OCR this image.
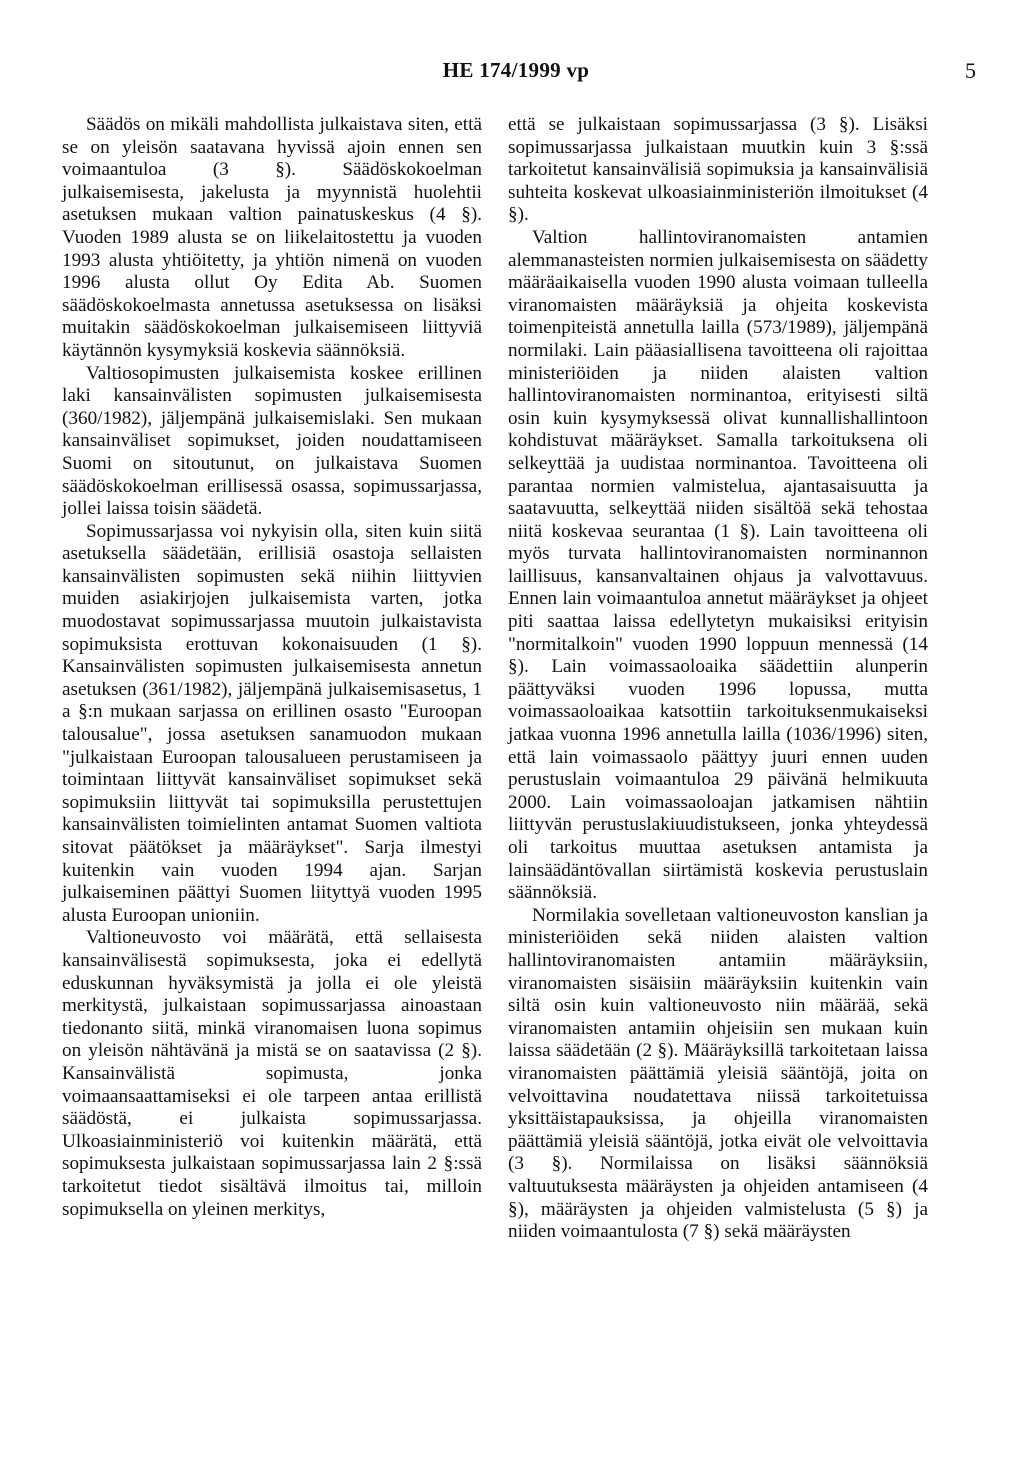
HE 174/1999 vp	5

Säädös on mikäli mahdollista julkaistava siten, että se on yleisön saatavana hyvissä ajoin ennen sen voimaantuloa (3 §). Säädöskokoelman julkaisemisesta, jakelusta ja myynnistä huolehtii asetuksen mukaan valtion painatuskeskus (4 §). Vuoden 1989 alusta se on liikelaitostettu ja vuoden 1993 alusta yhtiöitetty, ja yhtiön nimenä on vuoden 1996 alusta ollut Oy Edita Ab. Suomen säädöskokoelmasta annetussa asetuksessa on lisäksi muitakin säädöskokoelman julkaisemiseen liittyviä käytännön kysymyksiä koskevia säännöksiä.

Valtiosopimusten julkaisemista koskee erillinen laki kansainvälisten sopimusten julkaisemisesta (360/1982), jäljempänä julkaisemislaki. Sen mukaan kansainväliset sopimukset, joiden noudattamiseen Suomi on sitoutunut, on julkaistava Suomen säädöskokoelman erillisessä osassa, sopimussarjassa, jollei laissa toisin säädetä.

Sopimussarjassa voi nykyisin olla, siten kuin siitä asetuksella säädetään, erillisiä osastoja sellaisten kansainvälisten sopimusten sekä niihin liittyvien muiden asiakirjojen julkaisemista varten, jotka muodostavat sopimussarjassa muutoin julkaistavista sopimuksista erottuvan kokonaisuuden (1 §). Kansainvälisten sopimusten julkaisemisesta annetun asetuksen (361/1982), jäljempänä julkaisemisasetus, 1 a §:n mukaan sarjassa on erillinen osasto "Euroopan talousalue", jossa asetuksen sanamuodon mukaan "julkaistaan Euroopan talousalueen perustamiseen ja toimintaan liittyvät kansainväliset sopimukset sekä sopimuksiin liittyvät tai sopimuksilla perustettujen kansainvälisten toimielinten antamat Suomen valtiota sitovat päätökset ja määräykset". Sarja ilmestyi kuitenkin vain vuoden 1994 ajan. Sarjan julkaiseminen päättyi Suomen liityttyä vuoden 1995 alusta Euroopan unioniin.

Valtioneuvosto voi määrätä, että sellaisesta kansainvälisestä sopimuksesta, joka ei edellytä eduskunnan hyväksymistä ja jolla ei ole yleistä merkitystä, julkaistaan sopimussarjassa ainoastaan tiedonanto siitä, minkä viranomaisen luona sopimus on yleisön nähtävänä ja mistä se on saatavissa (2 §). Kansainvälistä sopimusta, jonka voimaansaattamiseksi ei ole tarpeen antaa erillistä säädöstä, ei julkaista sopimussarjassa. Ulkoasiainministeriö voi kuitenkin määrätä, että sopimuksesta julkaistaan sopimussarjassa lain 2 §:ssä tarkoitetut tiedot sisältävä ilmoitus tai, milloin sopimuksella on yleinen merkitys,

että se julkaistaan sopimussarjassa (3 §). Lisäksi sopimussarjassa julkaistaan muutkin kuin 3 §:ssä tarkoitetut kansainvälisiä sopimuksia ja kansainvälisiä suhteita koskevat ulkoasiainministeriön ilmoitukset (4 §).

Valtion hallintoviranomaisten antamien alemmanasteisten normien julkaisemisesta on säädetty määräaikaisella vuoden 1990 alusta voimaan tulleella viranomaisten määräyksiä ja ohjeita koskevista toimenpiteistä annetulla lailla (573/1989), jäljempänä normilaki. Lain pääasiallisena tavoitteena oli rajoittaa ministeriöiden ja niiden alaisten valtion hallintoviranomaisten norminantoa, erityisesti siltä osin kuin kysymyksessä olivat kunnallishallintoon kohdistuvat määräykset. Samalla tarkoituksena oli selkeyttää ja uudistaa norminantoa. Tavoitteena oli parantaa normien valmistelua, ajantasaisuutta ja saatavuutta, selkeyttää niiden sisältöä sekä tehostaa niitä koskevaa seurantaa (1 §). Lain tavoitteena oli myös turvata hallintoviranomaisten norminannon laillisuus, kansanvaltainen ohjaus ja valvottavuus. Ennen lain voimaantuloa annetut määräykset ja ohjeet piti saattaa laissa edellytetyn mukaisiksi erityisin "normitalkoin" vuoden 1990 loppuun mennessä (14 §). Lain voimassaoloaika säädettiin alunperin päättyväksi vuoden 1996 lopussa, mutta voimassaoloaikaa katsottiin tarkoituksenmukaiseksi jatkaa vuonna 1996 annetulla lailla (1036/1996) siten, että lain voimassaolo päättyy juuri ennen uuden perustuslain voimaantuloa 29 päivänä helmikuuta 2000. Lain voimassaoloajan jatkamisen nähtiin liittyvän perustuslakiuudistukseen, jonka yhteydessä oli tarkoitus muuttaa asetuksen antamista ja lainsäädäntövallan siirtämistä koskevia perustuslain säännöksiä.

Normilakia sovelletaan valtioneuvoston kanslian ja ministeriöiden sekä niiden alaisten valtion hallintoviranomaisten antamiin määräyksiin, viranomaisten sisäisiin määräyksiin kuitenkin vain siltä osin kuin valtioneuvosto niin määrää, sekä viranomaisten antamiin ohjeisiin sen mukaan kuin laissa säädetään (2 §). Määräyksillä tarkoitetaan laissa viranomaisten päättämiä yleisiä sääntöjä, joita on velvoittavina noudatettava niissä tarkoitetuissa yksittäistapauksissa, ja ohjeilla viranomaisten päättämiä yleisiä sääntöjä, jotka eivät ole velvoittavia (3 §). Normilaissa on lisäksi säännöksiä valtuutuksesta määräysten ja ohjeiden antamiseen (4 §), määräysten ja ohjeiden valmistelusta (5 §) ja niiden voimaantulosta (7 §) sekä määräysten
